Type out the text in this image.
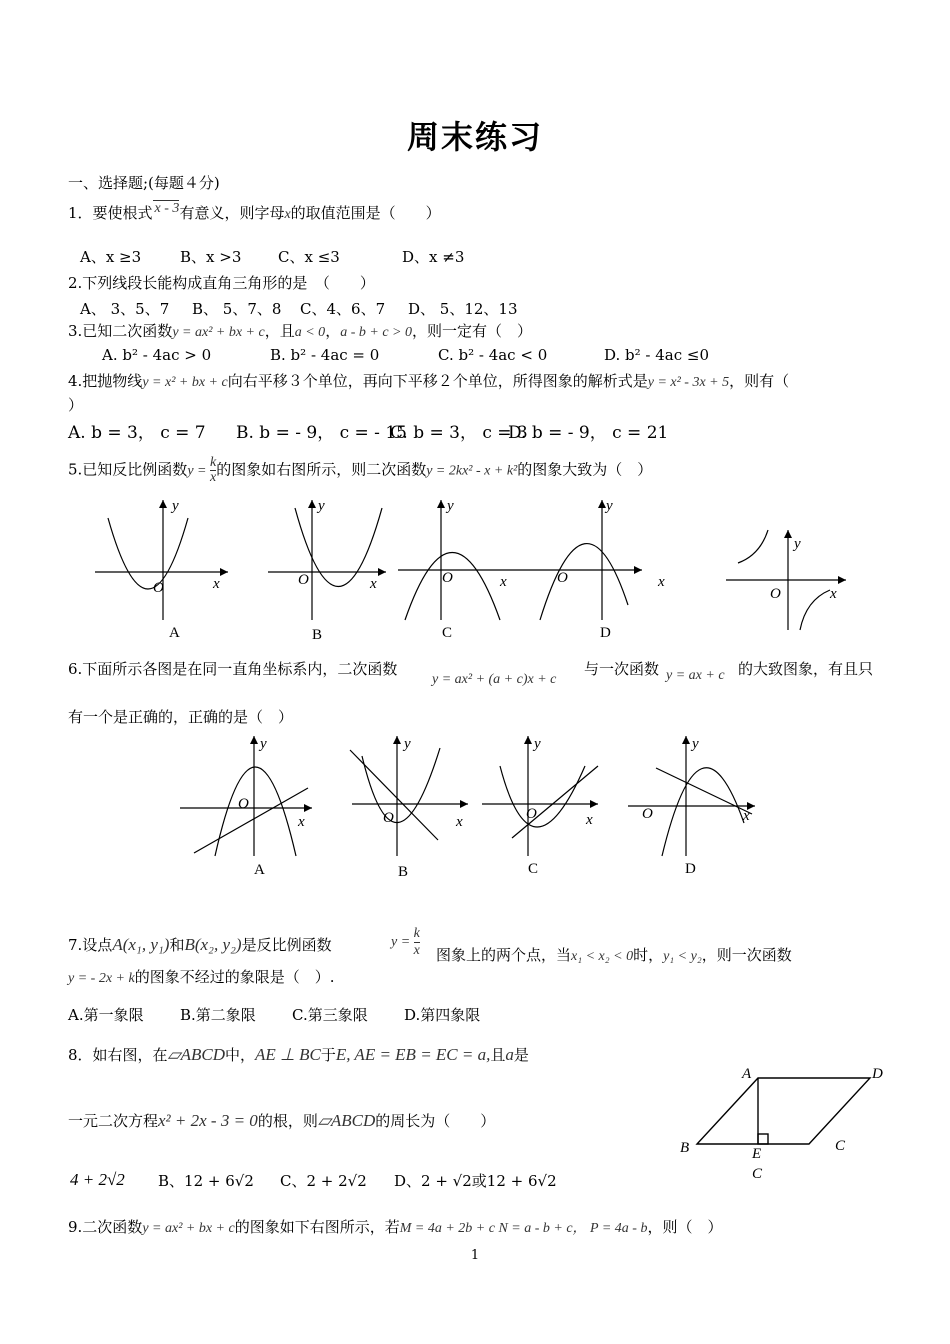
周末练习
一、选择题;(每题４分)
1．要使根式 x - 3有意义，则字母x的取值范围是（　　）
A、x ≥3	B、x >3 C、x ≤3	D、x ≠3
2.下列线段长能构成直角三角形的是　（　　）
A、 3、5、7 B、 5、7、8 C、4、6、7 D、 5、12、13
3.已知二次函数y = ax² + bx + c，且a < 0，a - b + c > 0，则一定有（　）
A. b² - 4ac > 0	B. b² - 4ac = 0	C. b² - 4ac < 0	D. b² - 4ac ≤0
4.把抛物线y = x² + bx + c向右平移３个单位，再向下平移２个单位，所得图象的解析式是y = x² - 3x + 5，则有（
）
A. b = 3， c = 7 B. b = - 9， c = - 15
C. b = 3， c = 3
D. b = - 9， c = 21
5.已知反比例函数$y = \frac{k}{x}$ 的图象如右图所示，则二次函数y = 2kx² - x + k²的图象大致为（　）
y
x
O
y
x
O
y
x
O
y
x
O
y
x
O
A	B	C	D
6.下面所示各图是在同一直角坐标系内，二次函数
y = ax² + (a + c)x + c
与一次函数 y = ax + c 的大致图象，有且只
有一个是正确的，正确的是（　）
y
x
O
y
x
O
y
x
O
y
x
O
A	B	C	D
7.设点A(x₁, y₁)和B(x₂, y₂)是反比例函数	$y = \frac{k}{x}$ 图象上的两个点，当x₁ < x₂ < 0时，y₁ < y₂，则一次函数
y = - 2x + k的图象不经过的象限是（　）.
A.第一象限 B.第二象限 C.第三象限 D.第四象限
8．如右图，在▱ABCD中，AE ⊥ BC于E, AE = EB = EC = a,且a是
一元二次方程x² + 2x - 3 = 0的根，则▱ABCD的周长为（　　）
4 + 2√2 B、12 + 6√2 C、2 + 2√2 D、2 + √2或12 + 6√2
A	D
B	E	C
C
9.二次函数y = ax² + bx + c的图象如下右图所示，若M = 4a + 2b + c N = a - b + c， P = 4a - b，则（　）
1
